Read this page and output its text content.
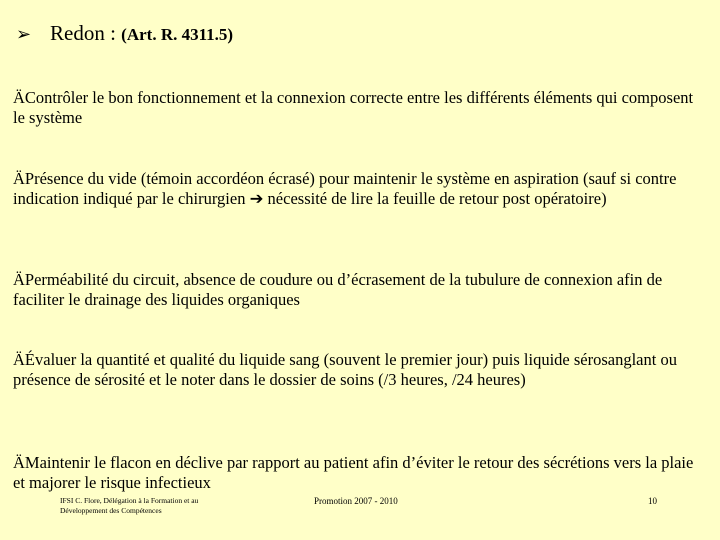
➢ Redon : (Art. R. 4311.5)
ÄContrôler le bon fonctionnement et la connexion correcte entre les différents éléments qui composent le système
ÄPrésence du vide (témoin accordéon écrasé) pour maintenir le système en aspiration (sauf si contre indication indiqué par le chirurgien ➔ nécessité de lire la feuille de retour post opératoire)
ÄPerméabilité du circuit, absence de coudure ou d’écrasement de la tubulure de connexion afin de faciliter le drainage des liquides organiques
ÄÉvaluer la quantité et qualité du liquide sang (souvent le premier jour) puis liquide sérosanglant ou présence de sérosité et le noter dans le dossier de soins (/3 heures, /24 heures)
ÄMaintenir le flacon en déclive par rapport au patient afin d’éviter le retour des sécrétions vers la plaie et majorer le risque infectieux
IFSI C. Flore, Délégation à la Formation et au Développement des Compétences
Promotion 2007 - 2010	10
